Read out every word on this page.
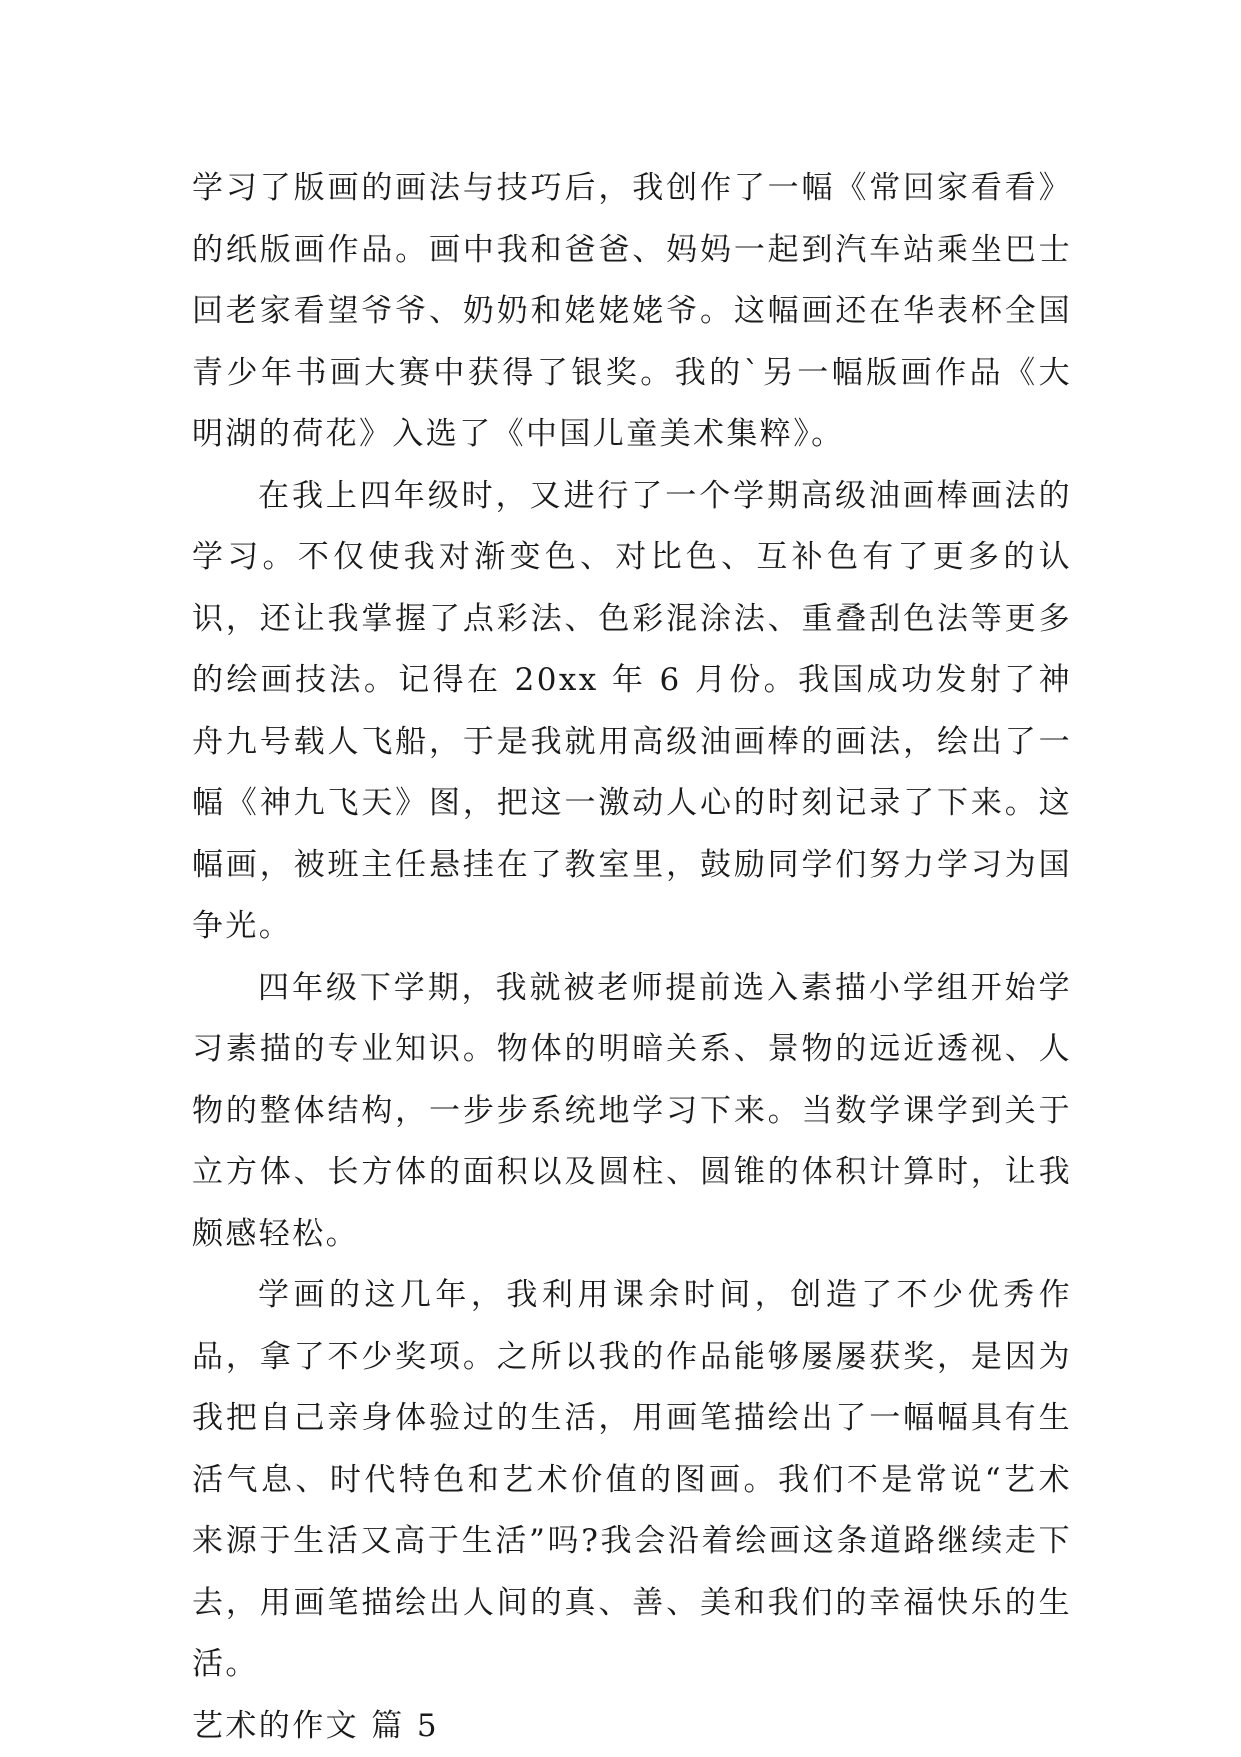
学习了版画的画法与技巧后，我创作了一幅《常回家看看》的纸版画作品。画中我和爸爸、妈妈一起到汽车站乘坐巴士回老家看望爷爷、奶奶和姥姥姥爷。这幅画还在华表杯全国青少年书画大赛中获得了银奖。我的`另一幅版画作品《大明湖的荷花》入选了《中国儿童美术集粹》。

在我上四年级时，又进行了一个学期高级油画棒画法的学习。不仅使我对渐变色、对比色、互补色有了更多的认识，还让我掌握了点彩法、色彩混涂法、重叠刮色法等更多的绘画技法。记得在 20xx 年 6 月份。我国成功发射了神舟九号载人飞船，于是我就用高级油画棒的画法，绘出了一幅《神九飞天》图，把这一激动人心的时刻记录了下来。这幅画，被班主任悬挂在了教室里，鼓励同学们努力学习为国争光。

四年级下学期，我就被老师提前选入素描小学组开始学习素描的专业知识。物体的明暗关系、景物的远近透视、人物的整体结构，一步步系统地学习下来。当数学课学到关于立方体、长方体的面积以及圆柱、圆锥的体积计算时，让我颇感轻松。

学画的这几年，我利用课余时间，创造了不少优秀作品，拿了不少奖项。之所以我的作品能够屡屡获奖，是因为我把自己亲身体验过的生活，用画笔描绘出了一幅幅具有生活气息、时代特色和艺术价值的图画。我们不是常说“艺术来源于生活又高于生活”吗?我会沿着绘画这条道路继续走下去，用画笔描绘出人间的真、善、美和我们的幸福快乐的生活。

艺术的作文 篇 5
